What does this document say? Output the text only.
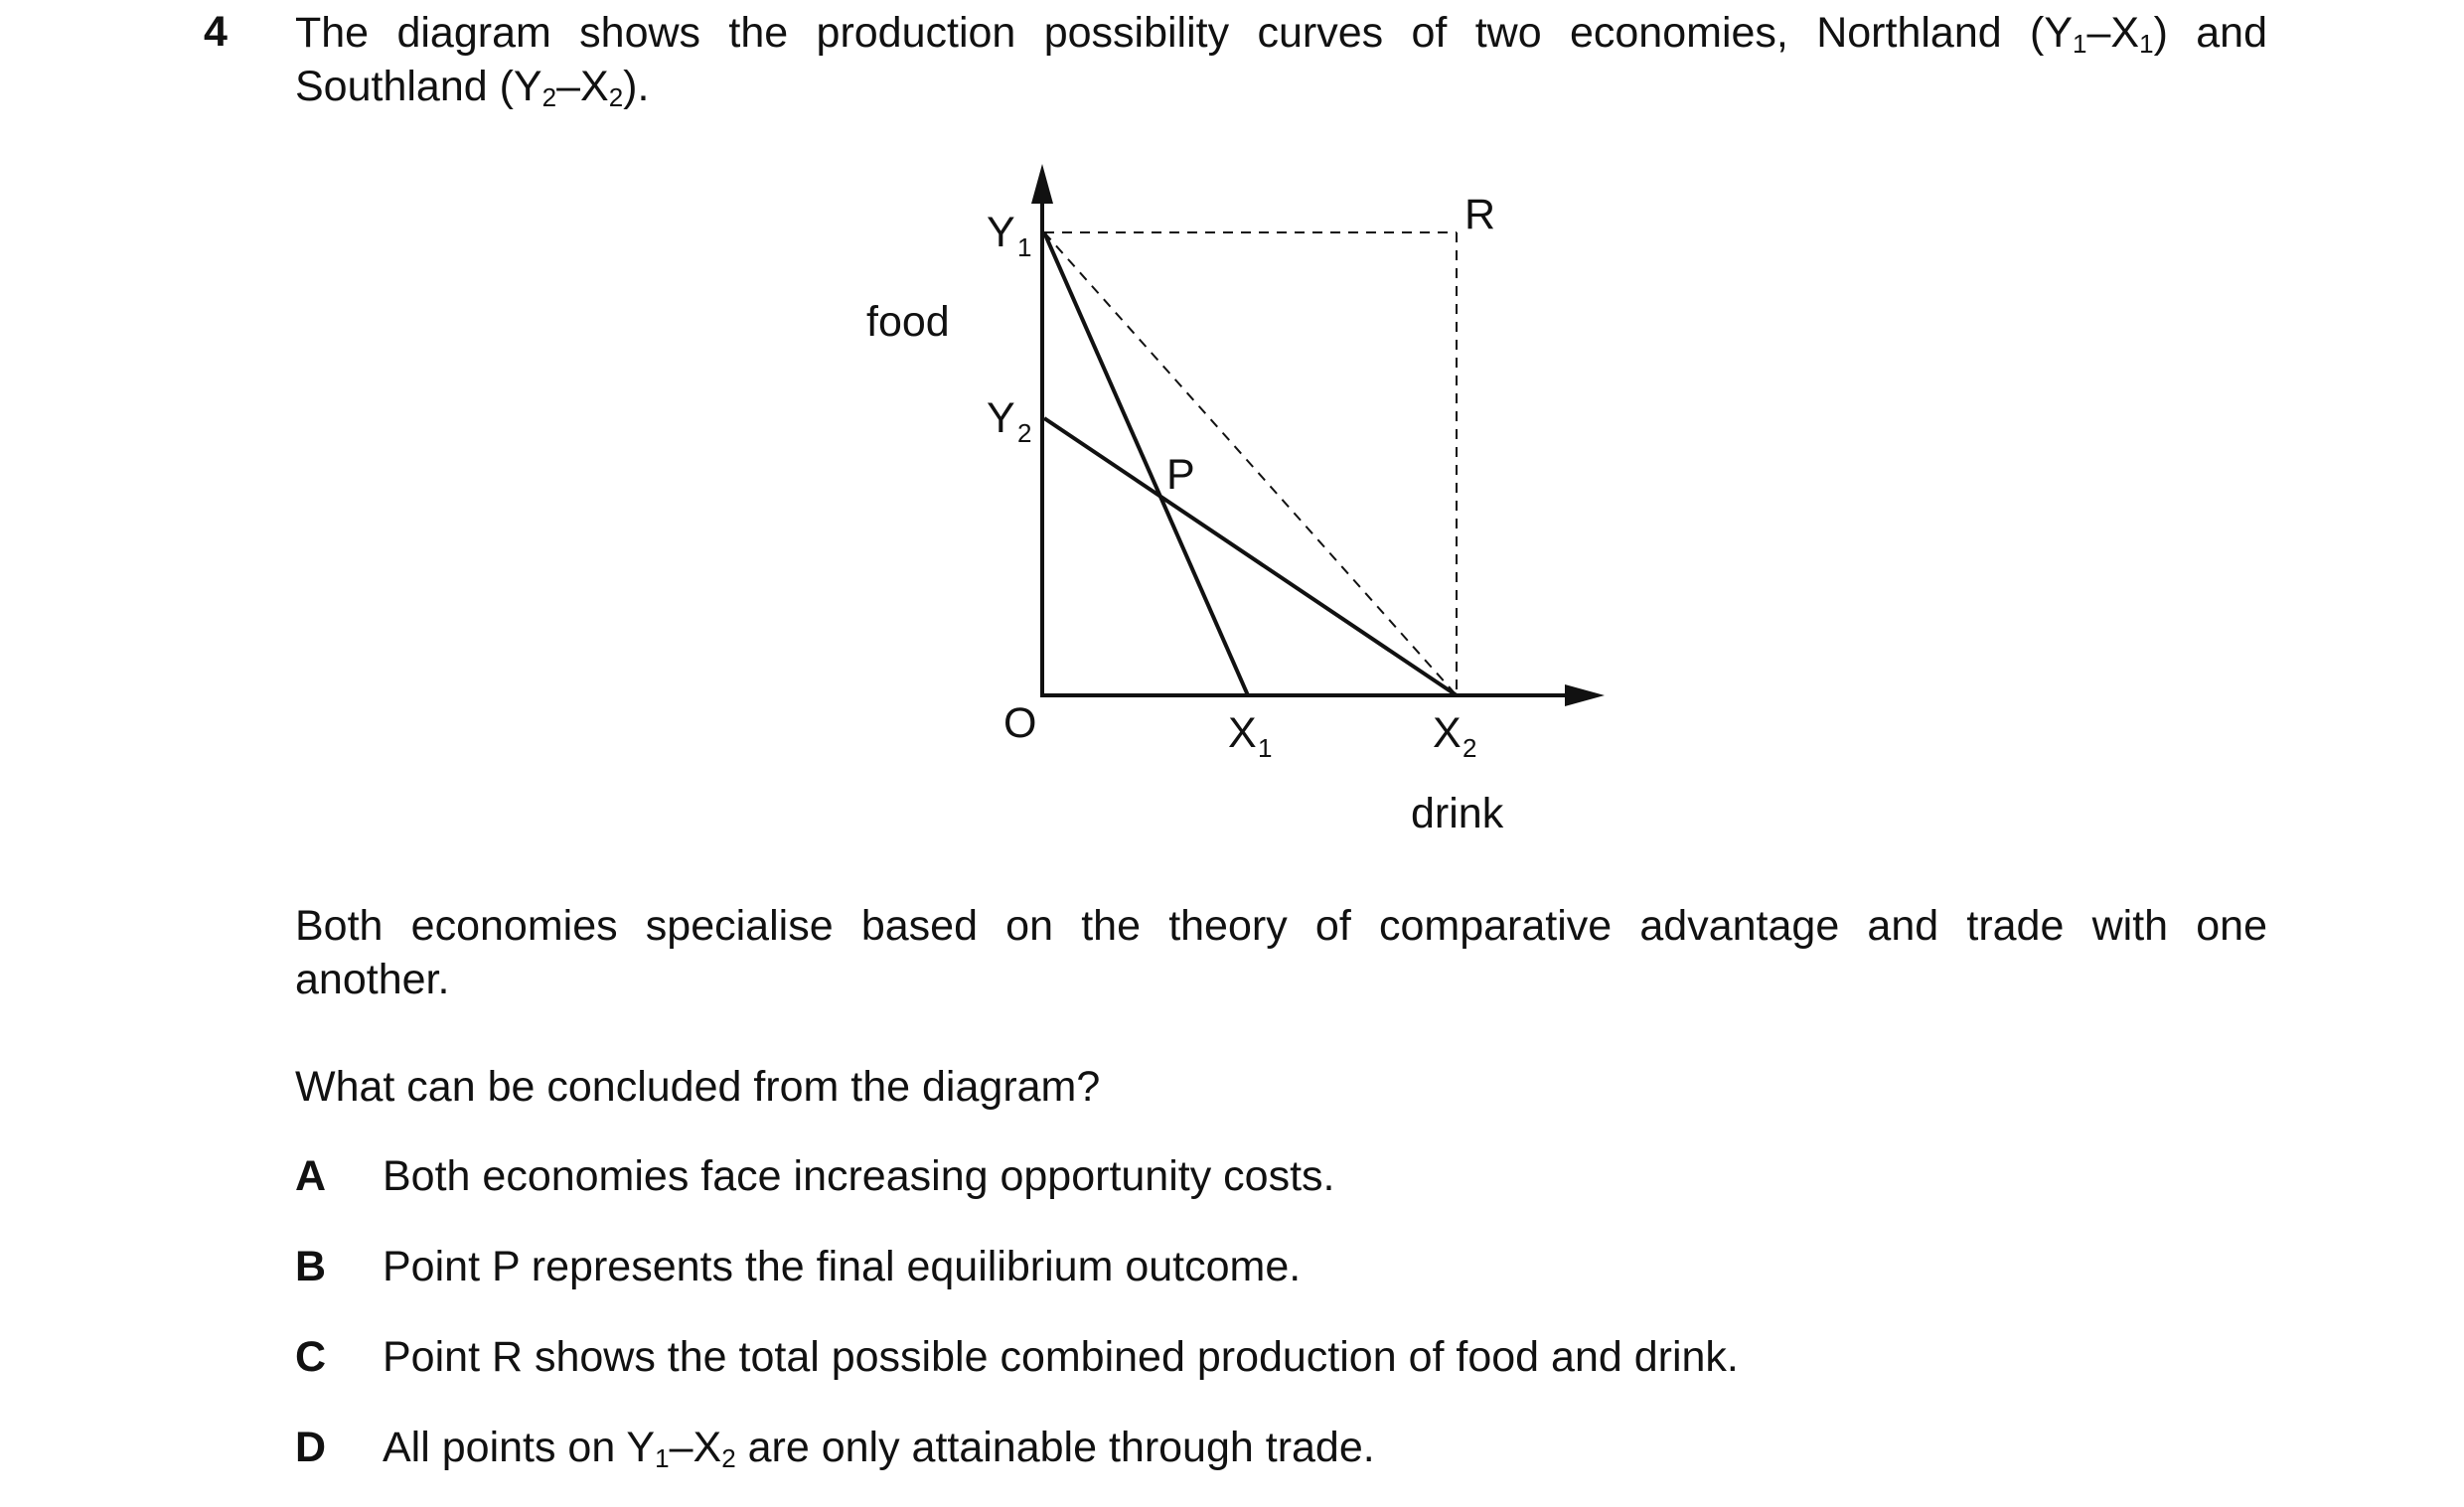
4 The diagram shows the production possibility curves of two economies, Northland $(Y_1-X_1)$ and
Southland $(Y_2-X_2)$.
food
drink
O
Y 1
Y 2
X 1	X 2
P
R
Both economies specialise based on the theory of comparative advantage and trade with one
another.
What can be concluded from the diagram?
A	Both economies face increasing opportunity costs.
B	Point P represents the final equilibrium outcome.
C	Point R shows the total possible combined production of food and drink.
D	All points on $Y_1-X_2$ are only attainable through trade.
